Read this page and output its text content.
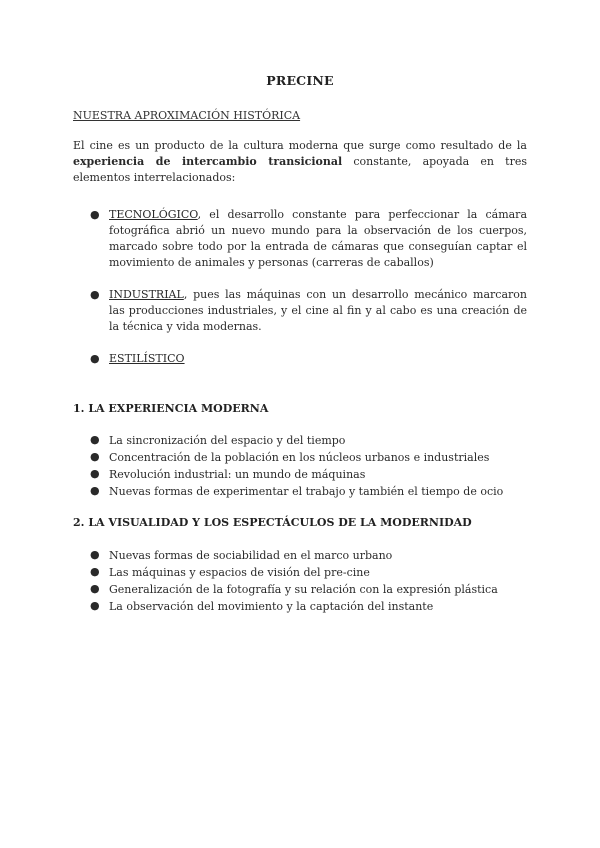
PRECINE
NUESTRA APROXIMACIÓN HISTÓRICA
El cine es un producto de la cultura moderna que surge como resultado de la experiencia de intercambio transicional constante, apoyada en tres elementos interrelacionados:
● TECNOLÓGICO, el desarrollo constante para perfeccionar la cámara fotográfica abrió un nuevo mundo para la observación de los cuerpos, marcado sobre todo por la entrada de cámaras que conseguían captar el movimiento de animales y personas (carreras de caballos)
● INDUSTRIAL, pues las máquinas con un desarrollo mecánico marcaron las producciones industriales, y el cine al fin y al cabo es una creación de la técnica y vida modernas.
● ESTILÍSTICO
1. LA EXPERIENCIA MODERNA
● La sincronización del espacio y del tiempo
● Concentración de la población en los núcleos urbanos e industriales
● Revolución industrial: un mundo de máquinas
● Nuevas formas de experimentar el trabajo y también el tiempo de ocio
2. LA VISUALIDAD Y LOS ESPECTÁCULOS DE LA MODERNIDAD
● Nuevas formas de sociabilidad en el marco urbano
● Las máquinas y espacios de visión del pre-cine
● Generalización de la fotografía y su relación con la expresión plástica
● La observación del movimiento y la captación del instante
